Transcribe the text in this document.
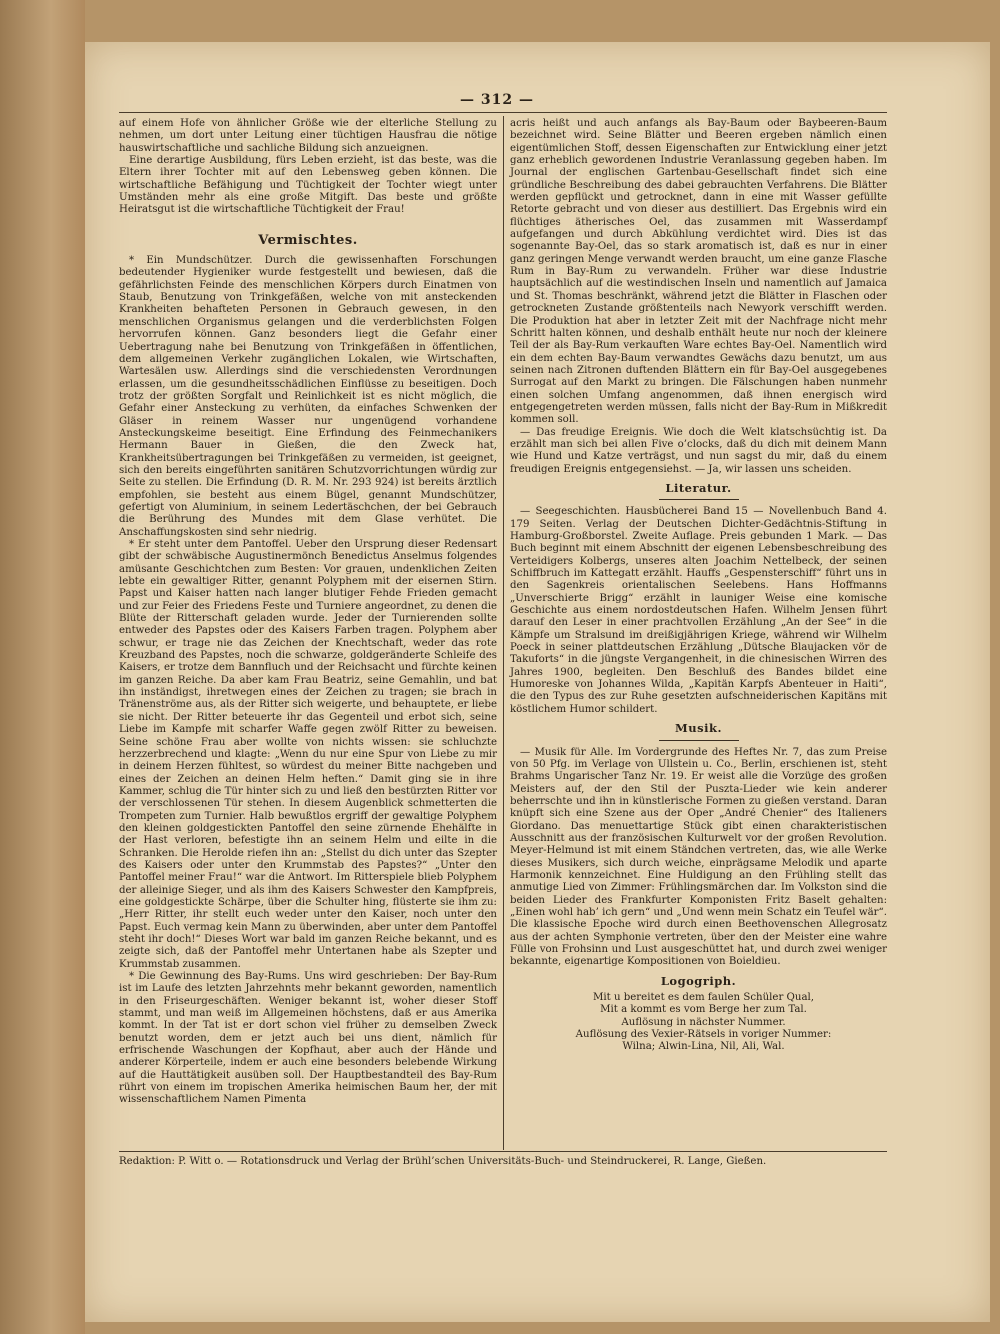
— 312 —

auf einem Hofe von ähnlicher Größe wie der elterliche Stellung zu nehmen, um dort unter Leitung einer tüchtigen Hausfrau die nötige hauswirtschaftliche und sachliche Bildung sich anzueignen.

Eine derartige Ausbildung, fürs Leben erzieht, ist das beste, was die Eltern ihrer Tochter mit auf den Lebensweg geben können. Die wirtschaftliche Befähigung und Tüchtigkeit der Tochter wiegt unter Umständen mehr als eine große Mitgift. Das beste und größte Heiratsgut ist die wirtschaftliche Tüchtigkeit der Frau!

Vermischtes.

* Ein Mundschützer. Durch die gewissenhaften Forschungen bedeutender Hygieniker wurde festgestellt und bewiesen, daß die gefährlichsten Feinde des menschlichen Körpers durch Einatmen von Staub, Benutzung von Trinkgefäßen, welche von mit ansteckenden Krankheiten behafteten Personen in Gebrauch gewesen, in den menschlichen Organismus gelangen und die verderblichsten Folgen hervorrufen können. Ganz besonders liegt die Gefahr einer Uebertragung nahe bei Benutzung von Trinkgefäßen in öffentlichen, dem allgemeinen Verkehr zugänglichen Lokalen, wie Wirtschaften, Wartesälen usw. Allerdings sind die verschiedensten Verordnungen erlassen, um die gesundheitsschädlichen Einflüsse zu beseitigen. Doch trotz der größten Sorgfalt und Reinlichkeit ist es nicht möglich, die Gefahr einer Ansteckung zu verhüten, da einfaches Schwenken der Gläser in reinem Wasser nur ungenügend vorhandene Ansteckungskeime beseitigt. Eine Erfindung des Feinmechanikers Hermann Bauer in Gießen, die den Zweck hat, Krankheitsübertragungen bei Trinkgefäßen zu vermeiden, ist geeignet, sich den bereits eingeführten sanitären Schutzvorrichtungen würdig zur Seite zu stellen. Die Erfindung (D. R. M. Nr. 293 924) ist bereits ärztlich empfohlen, sie besteht aus einem Bügel, genannt Mundschützer, gefertigt von Aluminium, in seinem Ledertäschchen, der bei Gebrauch die Berührung des Mundes mit dem Glase verhütet. Die Anschaffungskosten sind sehr niedrig.

* Er steht unter dem Pantoffel. Ueber den Ursprung dieser Redensart gibt der schwäbische Augustinermönch Benedictus Anselmus folgendes amüsante Geschichtchen zum Besten: Vor grauen, undenklichen Zeiten lebte ein gewaltiger Ritter, genannt Polyphem mit der eisernen Stirn. Papst und Kaiser hatten nach langer blutiger Fehde Frieden gemacht und zur Feier des Friedens Feste und Turniere angeordnet, zu denen die Blüte der Ritterschaft geladen wurde. Jeder der Turnierenden sollte entweder des Papstes oder des Kaisers Farben tragen. Polyphem aber schwur, er trage nie das Zeichen der Knechtschaft, weder das rote Kreuzband des Papstes, noch die schwarze, goldgeränderte Schleife des Kaisers, er trotze dem Bannfluch und der Reichsacht und fürchte keinen im ganzen Reiche. Da aber kam Frau Beatriz, seine Gemahlin, und bat ihn inständigst, ihretwegen eines der Zeichen zu tragen; sie brach in Tränenströme aus, als der Ritter sich weigerte, und behauptete, er liebe sie nicht. Der Ritter beteuerte ihr das Gegenteil und erbot sich, seine Liebe im Kampfe mit scharfer Waffe gegen zwölf Ritter zu beweisen. Seine schöne Frau aber wollte von nichts wissen: sie schluchzte herzzerbrechend und klagte: „Wenn du nur eine Spur von Liebe zu mir in deinem Herzen fühltest, so würdest du meiner Bitte nachgeben und eines der Zeichen an deinen Helm heften.“ Damit ging sie in ihre Kammer, schlug die Tür hinter sich zu und ließ den bestürzten Ritter vor der verschlossenen Tür stehen. In diesem Augenblick schmetterten die Trompeten zum Turnier. Halb bewußtlos ergriff der gewaltige Polyphem den kleinen goldgestickten Pantoffel den seine zürnende Ehehälfte in der Hast verloren, befestigte ihn an seinem Helm und eilte in die Schranken. Die Herolde riefen ihn an: „Stellst du dich unter das Szepter des Kaisers oder unter den Krummstab des Papstes?“ „Unter den Pantoffel meiner Frau!“ war die Antwort. Im Ritterspiele blieb Polyphem der alleinige Sieger, und als ihm des Kaisers Schwester den Kampfpreis, eine goldgestickte Schärpe, über die Schulter hing, flüsterte sie ihm zu: „Herr Ritter, ihr stellt euch weder unter den Kaiser, noch unter den Papst. Euch vermag kein Mann zu überwinden, aber unter dem Pantoffel steht ihr doch!“ Dieses Wort war bald im ganzen Reiche bekannt, und es zeigte sich, daß der Pantoffel mehr Untertanen habe als Szepter und Krummstab zusammen.

* Die Gewinnung des Bay-Rums. Uns wird geschrieben: Der Bay-Rum ist im Laufe des letzten Jahrzehnts mehr bekannt geworden, namentlich in den Friseurgeschäften. Weniger bekannt ist, woher dieser Stoff stammt, und man weiß im Allgemeinen höchstens, daß er aus Amerika kommt. In der Tat ist er dort schon viel früher zu demselben Zweck benutzt worden, dem er jetzt auch bei uns dient, nämlich für erfrischende Waschungen der Kopfhaut, aber auch der Hände und anderer Körperteile, indem er auch eine besonders belebende Wirkung auf die Hauttätigkeit ausüben soll. Der Hauptbestandteil des Bay-Rum rührt von einem im tropischen Amerika heimischen Baum her, der mit wissenschaftlichem Namen Pimenta

acris heißt und auch anfangs als Bay-Baum oder Baybeeren-Baum bezeichnet wird. Seine Blätter und Beeren ergeben nämlich einen eigentümlichen Stoff, dessen Eigenschaften zur Entwicklung einer jetzt ganz erheblich gewordenen Industrie Veranlassung gegeben haben. Im Journal der englischen Gartenbau-Gesellschaft findet sich eine gründliche Beschreibung des dabei gebrauchten Verfahrens. Die Blätter werden gepflückt und getrocknet, dann in eine mit Wasser gefüllte Retorte gebracht und von dieser aus destilliert. Das Ergebnis wird ein flüchtiges ätherisches Oel, das zusammen mit Wasserdampf aufgefangen und durch Abkühlung verdichtet wird. Dies ist das sogenannte Bay-Oel, das so stark aromatisch ist, daß es nur in einer ganz geringen Menge verwandt werden braucht, um eine ganze Flasche Rum in Bay-Rum zu verwandeln. Früher war diese Industrie hauptsächlich auf die westindischen Inseln und namentlich auf Jamaica und St. Thomas beschränkt, während jetzt die Blätter in Flaschen oder getrockneten Zustande größtenteils nach Newyork verschifft werden. Die Produktion hat aber in letzter Zeit mit der Nachfrage nicht mehr Schritt halten können, und deshalb enthält heute nur noch der kleinere Teil der als Bay-Rum verkauften Ware echtes Bay-Oel. Namentlich wird ein dem echten Bay-Baum verwandtes Gewächs dazu benutzt, um aus seinen nach Zitronen duftenden Blättern ein für Bay-Oel ausgegebenes Surrogat auf den Markt zu bringen. Die Fälschungen haben nunmehr einen solchen Umfang angenommen, daß ihnen energisch wird entgegengetreten werden müssen, falls nicht der Bay-Rum in Mißkredit kommen soll.

— Das freudige Ereignis. Wie doch die Welt klatschsüchtig ist. Da erzählt man sich bei allen Five o’clocks, daß du dich mit deinem Mann wie Hund und Katze verträgst, und nun sagst du mir, daß du einem freudigen Ereignis entgegensiehst. — Ja, wir lassen uns scheiden.

Literatur.

— Seegeschichten. Hausbücherei Band 15 — Novellenbuch Band 4. 179 Seiten. Verlag der Deutschen Dichter-Gedächtnis-Stiftung in Hamburg-Großborstel. Zweite Auflage. Preis gebunden 1 Mark. — Das Buch beginnt mit einem Abschnitt der eigenen Lebensbeschreibung des Verteidigers Kolbergs, unseres alten Joachim Nettelbeck, der seinen Schiffbruch im Kattegatt erzählt. Hauffs „Gespensterschiff“ führt uns in den Sagenkreis orientalischen Seelebens. Hans Hoffmanns „Unverschierte Brigg“ erzählt in launiger Weise eine komische Geschichte aus einem nordostdeutschen Hafen. Wilhelm Jensen führt darauf den Leser in einer prachtvollen Erzählung „An der See“ in die Kämpfe um Stralsund im dreißigjährigen Kriege, während wir Wilhelm Poeck in seiner plattdeutschen Erzählung „Dütsche Blaujacken vör de Takuforts“ in die jüngste Vergangenheit, in die chinesischen Wirren des Jahres 1900, begleiten. Den Beschluß des Bandes bildet eine Humoreske von Johannes Wilda, „Kapitän Karpfs Abenteuer in Haiti“, die den Typus des zur Ruhe gesetzten aufschneiderischen Kapitäns mit köstlichem Humor schildert.

Musik.

— Musik für Alle. Im Vordergrunde des Heftes Nr. 7, das zum Preise von 50 Pfg. im Verlage von Ullstein u. Co., Berlin, erschienen ist, steht Brahms Ungarischer Tanz Nr. 19. Er weist alle die Vorzüge des großen Meisters auf, der den Stil der Puszta-Lieder wie kein anderer beherrschte und ihn in künstlerische Formen zu gießen verstand. Daran knüpft sich eine Szene aus der Oper „André Chenier“ des Italieners Giordano. Das menuettartige Stück gibt einen charakteristischen Ausschnitt aus der französischen Kulturwelt vor der großen Revolution. Meyer-Helmund ist mit einem Ständchen vertreten, das, wie alle Werke dieses Musikers, sich durch weiche, einprägsame Melodik und aparte Harmonik kennzeichnet. Eine Huldigung an den Frühling stellt das anmutige Lied von Zimmer: Frühlingsmärchen dar. Im Volkston sind die beiden Lieder des Frankfurter Komponisten Fritz Baselt gehalten: „Einen wohl hab’ ich gern“ und „Und wenn mein Schatz ein Teufel wär“. Die klassische Epoche wird durch einen Beethovenschen Allegrosatz aus der achten Symphonie vertreten, über den der Meister eine wahre Fülle von Frohsinn und Lust ausgeschüttet hat, und durch zwei weniger bekannte, eigenartige Kompositionen von Boieldieu.

Logogriph.

Mit u bereitet es dem faulen Schüler Qual,

Mit a kommt es vom Berge her zum Tal.

Auflösung in nächster Nummer.

Auflösung des Vexier-Rätsels in voriger Nummer:

Wilna; Alwin-Lina, Nil, Ali, Wal.

Redaktion: P. Witt o. — Rotationsdruck und Verlag der Brühl’schen Universitäts-Buch- und Steindruckerei, R. Lange, Gießen.
